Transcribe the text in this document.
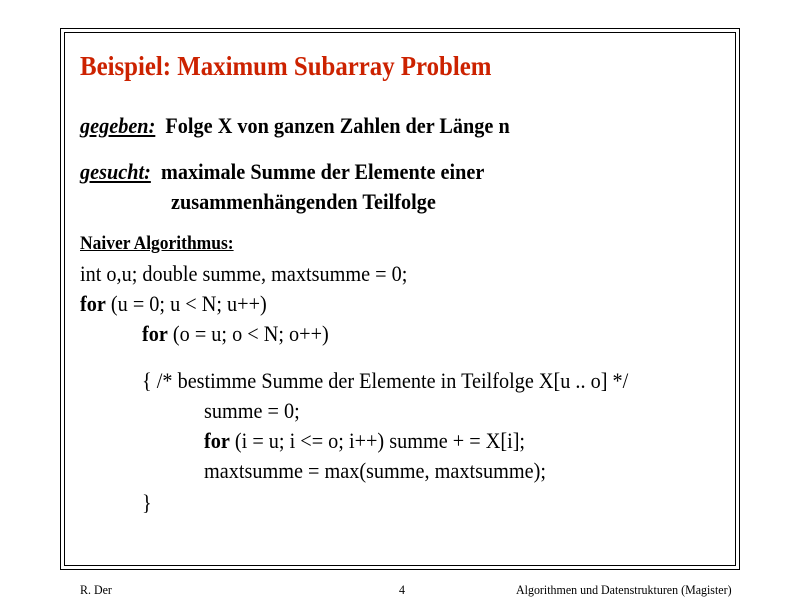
Beispiel: Maximum Subarray Problem
gegeben: Folge X von ganzen Zahlen der Länge n
gesucht: maximale Summe der Elemente einer
zusammenhängenden Teilfolge
Naiver Algorithmus:
int o,u; double summe, maxtsumme = 0;
for (u = 0; u < N; u++)
for (o = u; o < N; o++)
{ /* bestimme Summe der Elemente in Teilfolge X[u .. o] */
summe = 0;
for (i = u; i <= o; i++) summe + = X[i];
maxtsumme = max(summe, maxtsumme);
}
R. Der	4	Algorithmen und Datenstrukturen (Magister)
